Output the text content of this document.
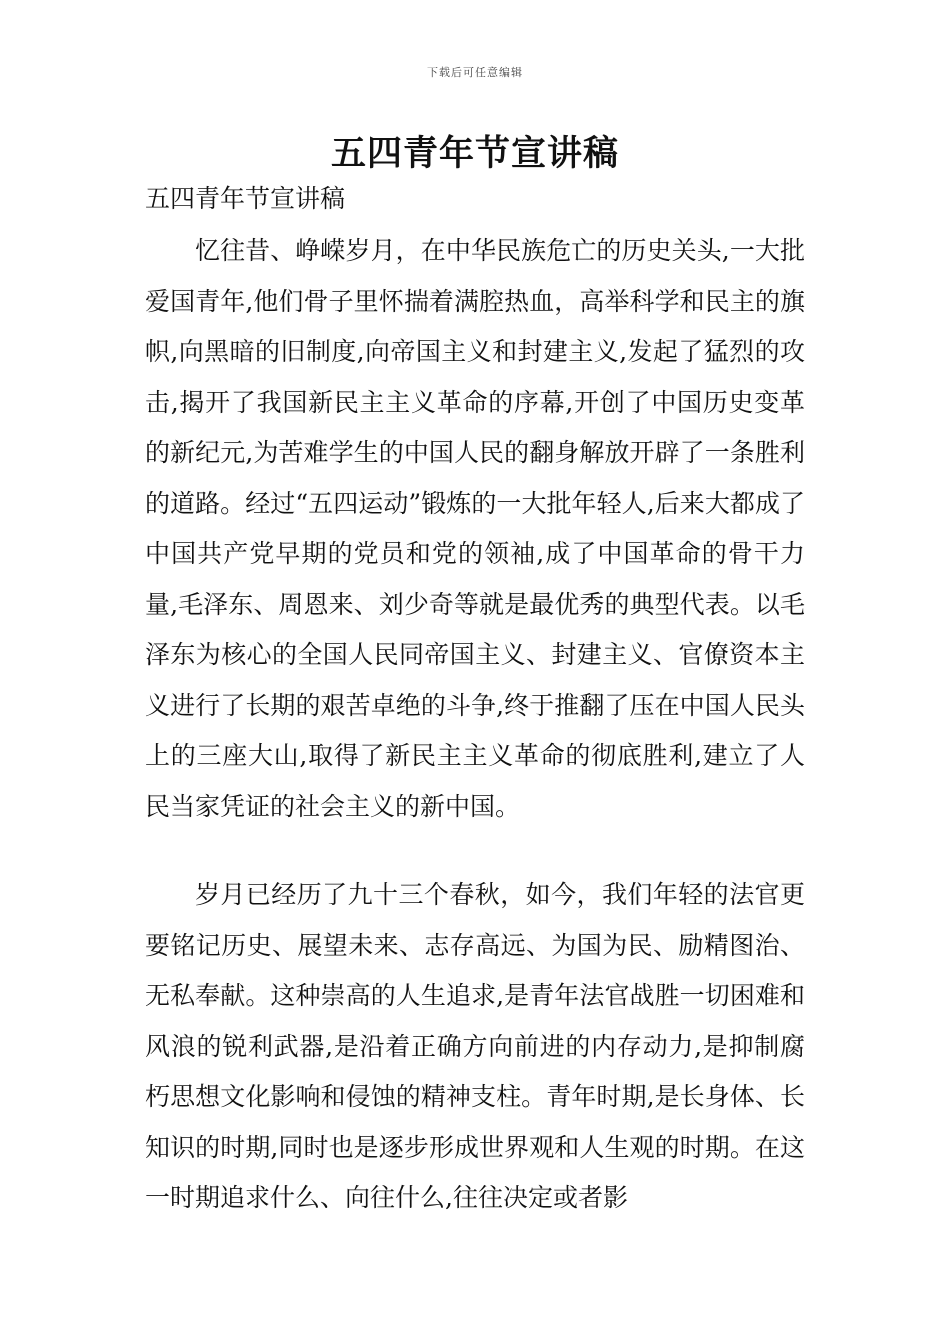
下载后可任意编辑
五四青年节宣讲稿

五四青年节宣讲稿

忆往昔、峥嵘岁月，在中华民族危亡的历史关头,一大批爱国青年,他们骨子里怀揣着满腔热血，高举科学和民主的旗帜,向黑暗的旧制度,向帝国主义和封建主义,发起了猛烈的攻击,揭开了我国新民主主义革命的序幕,开创了中国历史变革的新纪元,为苦难学生的中国人民的翻身解放开辟了一条胜利的道路。经过“五四运动”锻炼的一大批年轻人,后来大都成了中国共产党早期的党员和党的领袖,成了中国革命的骨干力量,毛泽东、周恩来、刘少奇等就是最优秀的典型代表。以毛泽东为核心的全国人民同帝国主义、封建主义、官僚资本主义进行了长期的艰苦卓绝的斗争,终于推翻了压在中国人民头上的三座大山,取得了新民主主义革命的彻底胜利,建立了人民当家凭证的社会主义的新中国。

岁月已经历了九十三个春秋，如今，我们年轻的法官更要铭记历史、展望未来、志存高远、为国为民、励精图治、无私奉献。这种崇高的人生追求,是青年法官战胜一切困难和风浪的锐利武器,是沿着正确方向前进的内存动力,是抑制腐朽思想文化影响和侵蚀的精神支柱。青年时期,是长身体、长知识的时期,同时也是逐步形成世界观和人生观的时期。在这一时期追求什么、向往什么,往往决定或者影
